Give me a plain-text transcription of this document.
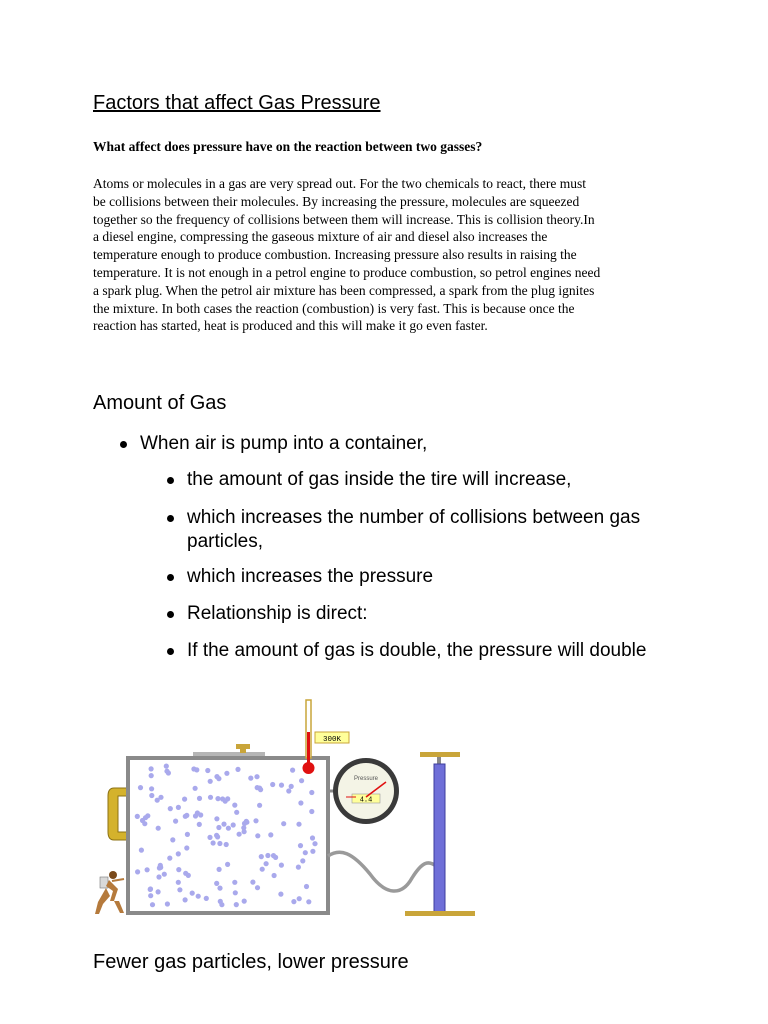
Factors that affect Gas Pressure
What affect does pressure have on the reaction between two gasses?
Atoms or molecules in a gas are very spread out. For the two chemicals to react, there must
be collisions between their molecules. By increasing the pressure, molecules are squeezed
together so the frequency of collisions between them will increase. This is collision theory.In
a diesel engine, compressing the gaseous mixture of air and diesel also increases the
temperature enough to produce combustion. Increasing pressure also results in raising the
temperature. It is not enough in a petrol engine to produce combustion, so petrol engines need
a spark plug. When the petrol air mixture has been compressed, a spark from the plug ignites
the mixture. In both cases the reaction (combustion) is very fast. This is because once the
reaction has started, heat is produced and this will make it go even faster.
Amount of Gas
When air is pump into a container,
the amount of gas inside the tire will increase,
which increases the number of collisions between gas particles,
which increases the pressure
Relationship is direct:
If the amount of gas is double, the pressure will double
300K
Pressure
4.4
Fewer gas particles, lower pressure
